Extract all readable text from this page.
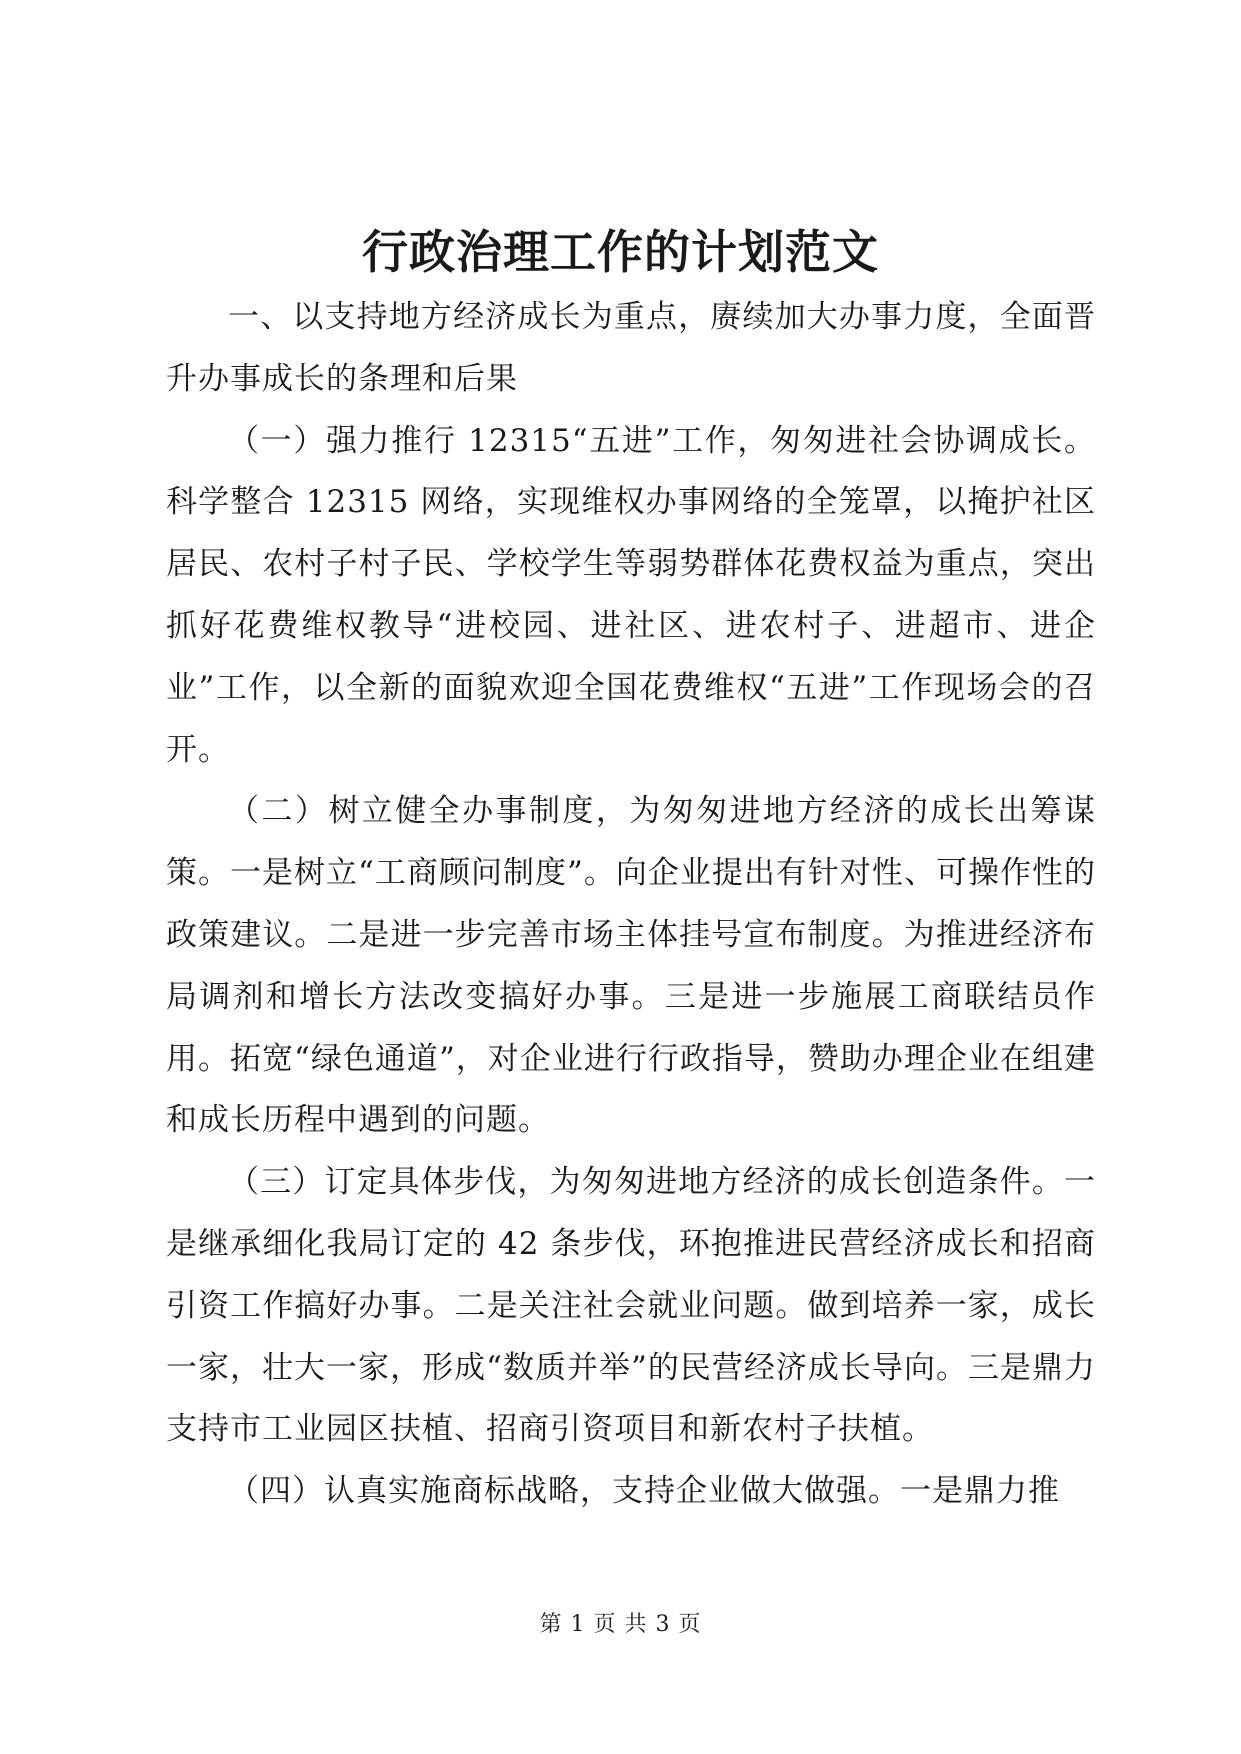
行政治理工作的计划范文

一、以支持地方经济成长为重点，赓续加大办事力度，全面晋升办事成长的条理和后果

（一）强力推行 12315“五进”工作，匆匆进社会协调成长。科学整合 12315 网络，实现维权办事网络的全笼罩，以掩护社区居民、农村子村子民、学校学生等弱势群体花费权益为重点，突出抓好花费维权教导“进校园、进社区、进农村子、进超市、进企业”工作，以全新的面貌欢迎全国花费维权“五进”工作现场会的召开。

（二）树立健全办事制度，为匆匆进地方经济的成长出筹谋策。一是树立“工商顾问制度”。向企业提出有针对性、可操作性的政策建议。二是进一步完善市场主体挂号宣布制度。为推进经济布局调剂和增长方法改变搞好办事。三是进一步施展工商联结员作用。拓宽“绿色通道”，对企业进行行政指导，赞助办理企业在组建和成长历程中遇到的问题。

（三）订定具体步伐，为匆匆进地方经济的成长创造条件。一是继承细化我局订定的 42 条步伐，环抱推进民营经济成长和招商引资工作搞好办事。二是关注社会就业问题。做到培养一家，成长一家，壮大一家，形成“数质并举”的民营经济成长导向。三是鼎力支持市工业园区扶植、招商引资项目和新农村子扶植。

（四）认真实施商标战略，支持企业做大做强。一是鼎力推

第 1 页 共 3 页
